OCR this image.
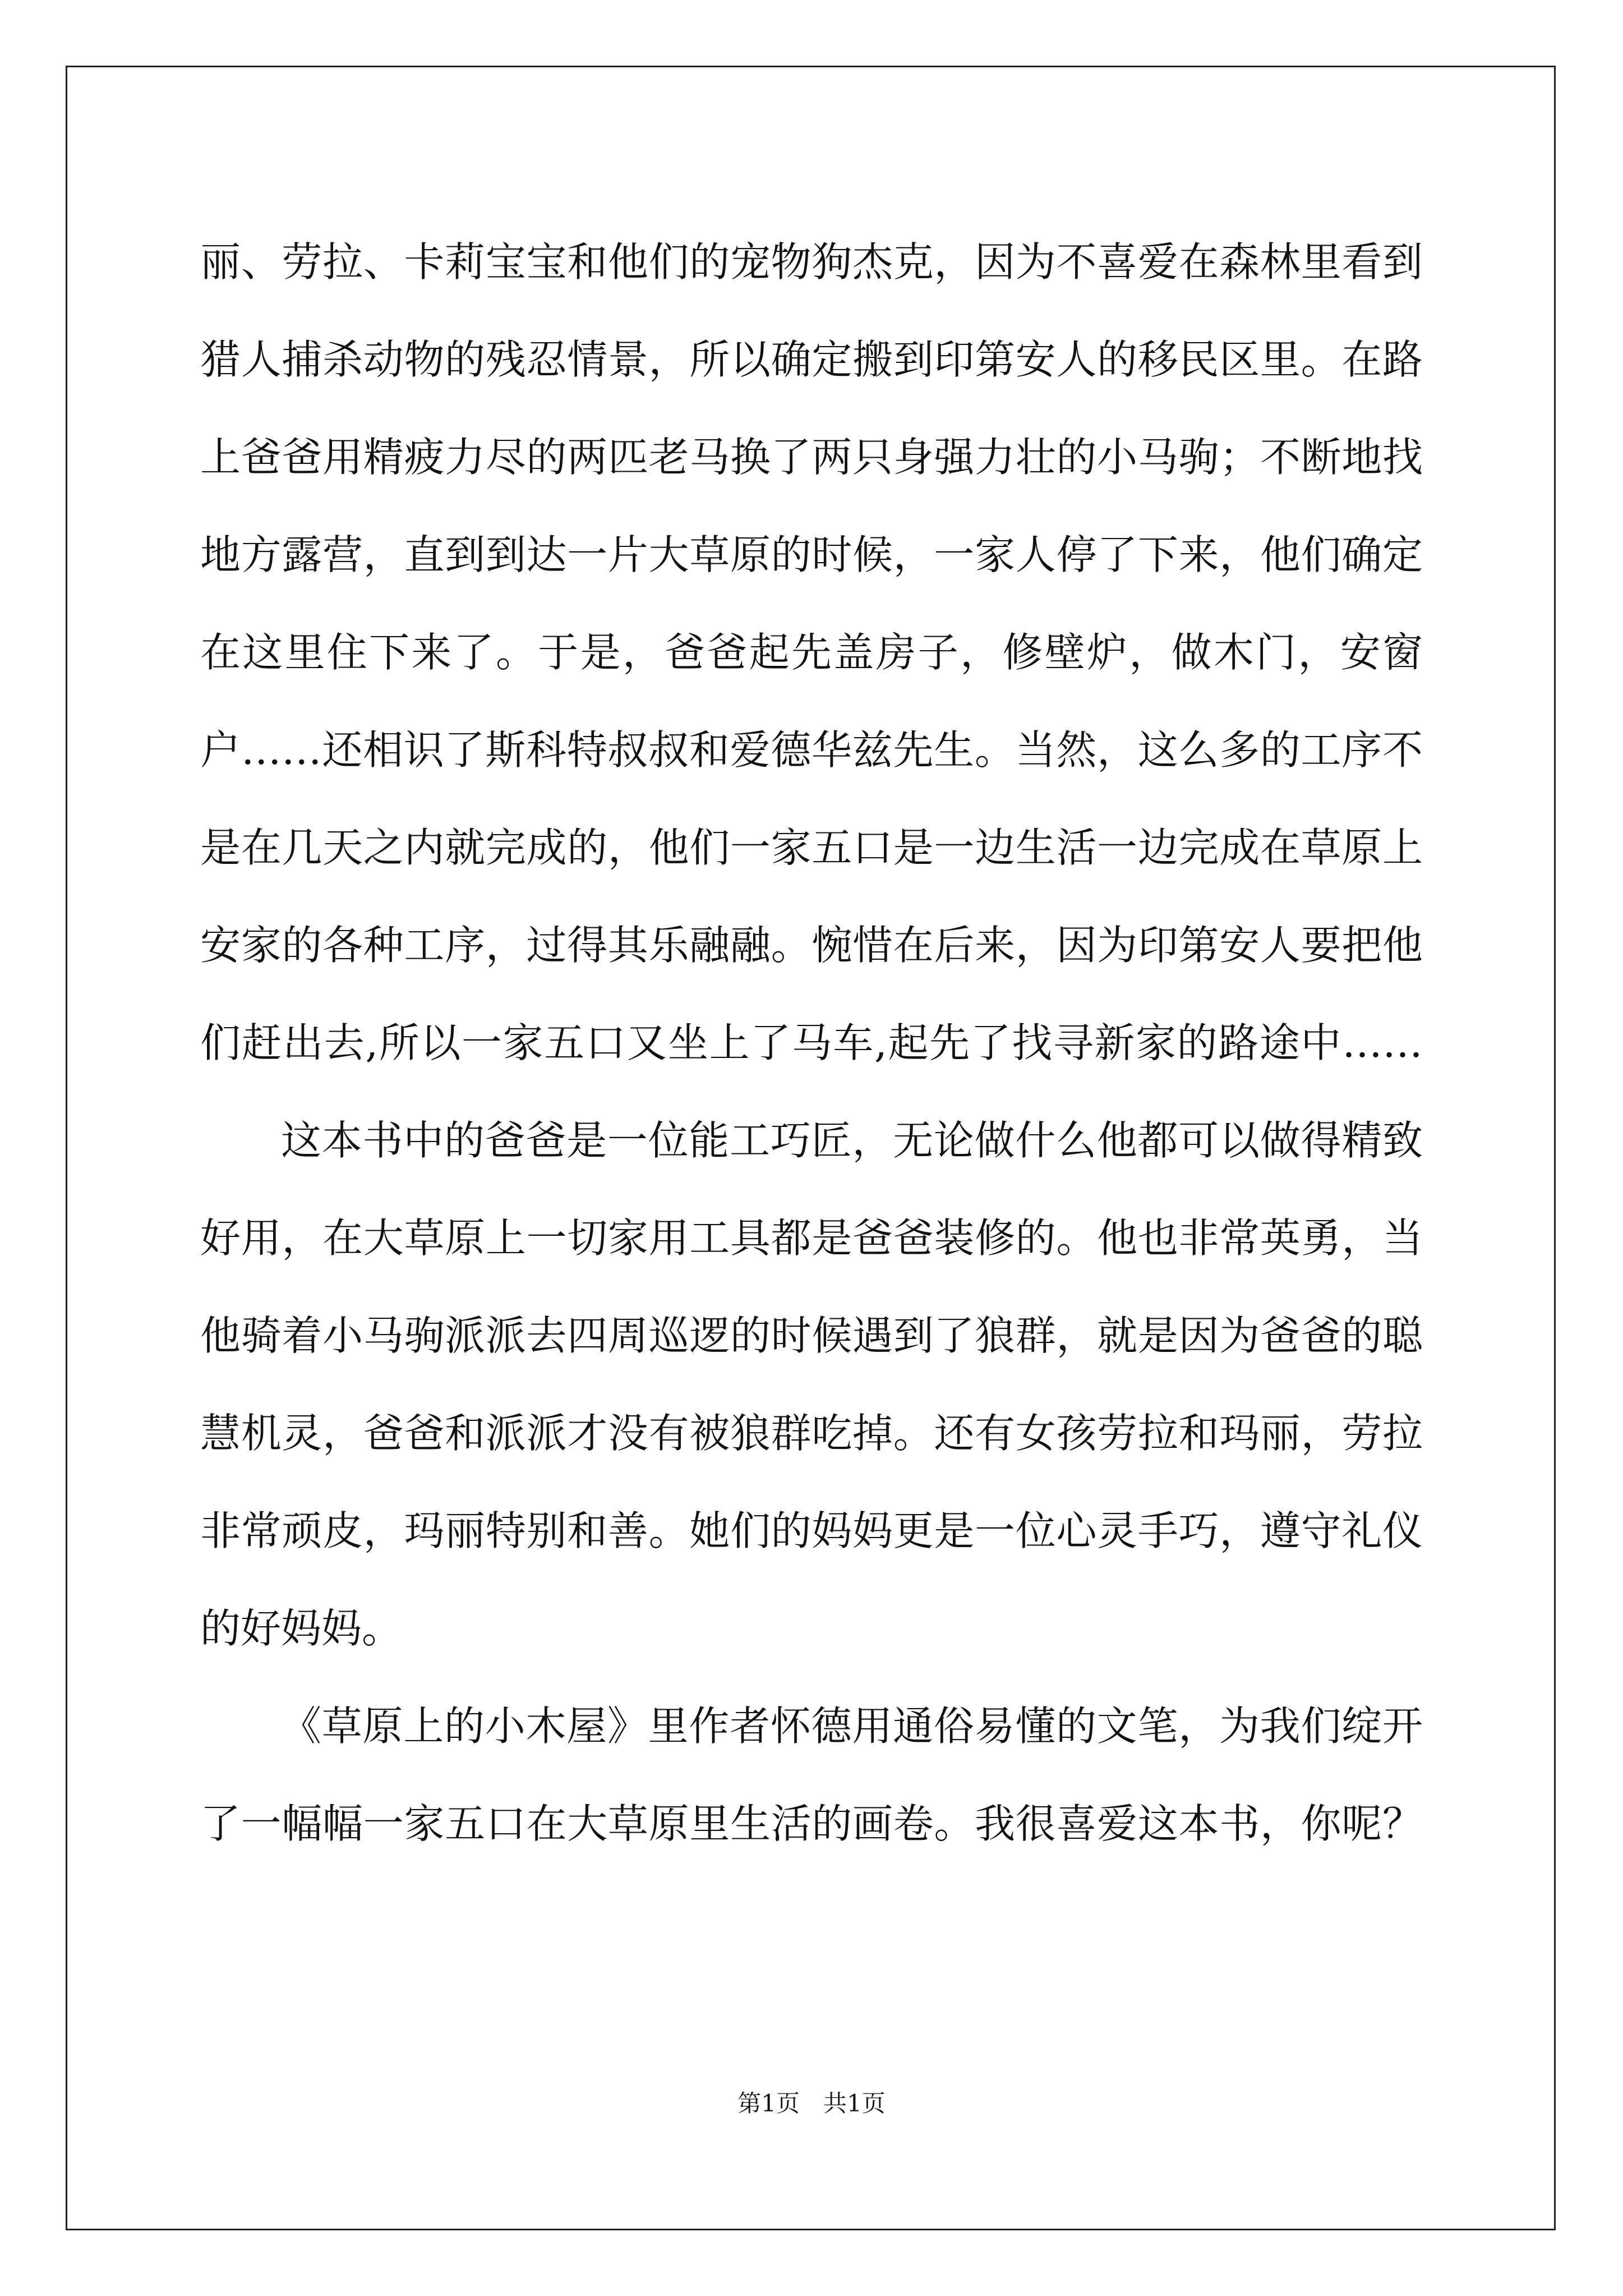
丽、劳拉、卡莉宝宝和他们的宠物狗杰克，因为不喜爱在森林里看到
猎人捕杀动物的残忍情景，所以确定搬到印第安人的移民区里。在路
上爸爸用精疲力尽的两匹老马换了两只身强力壮的小马驹；不断地找
地方露营，直到到达一片大草原的时候，一家人停了下来，他们确定
在这里住下来了。于是，爸爸起先盖房子，修壁炉，做木门，安窗
户……还相识了斯科特叔叔和爱德华兹先生。当然，这么多的工序不
是在几天之内就完成的，他们一家五口是一边生活一边完成在草原上
安家的各种工序，过得其乐融融。惋惜在后来，因为印第安人要把他
们赶出去,所以一家五口又坐上了马车,起先了找寻新家的路途中……
这本书中的爸爸是一位能工巧匠，无论做什么他都可以做得精致
好用，在大草原上一切家用工具都是爸爸装修的。他也非常英勇，当
他骑着小马驹派派去四周巡逻的时候遇到了狼群，就是因为爸爸的聪
慧机灵，爸爸和派派才没有被狼群吃掉。还有女孩劳拉和玛丽，劳拉
非常顽皮，玛丽特别和善。她们的妈妈更是一位心灵手巧，遵守礼仪
的好妈妈。
《草原上的小木屋》里作者怀德用通俗易懂的文笔，为我们绽开
了一幅幅一家五口在大草原里生活的画卷。我很喜爱这本书，你呢？
第1页　共1页
